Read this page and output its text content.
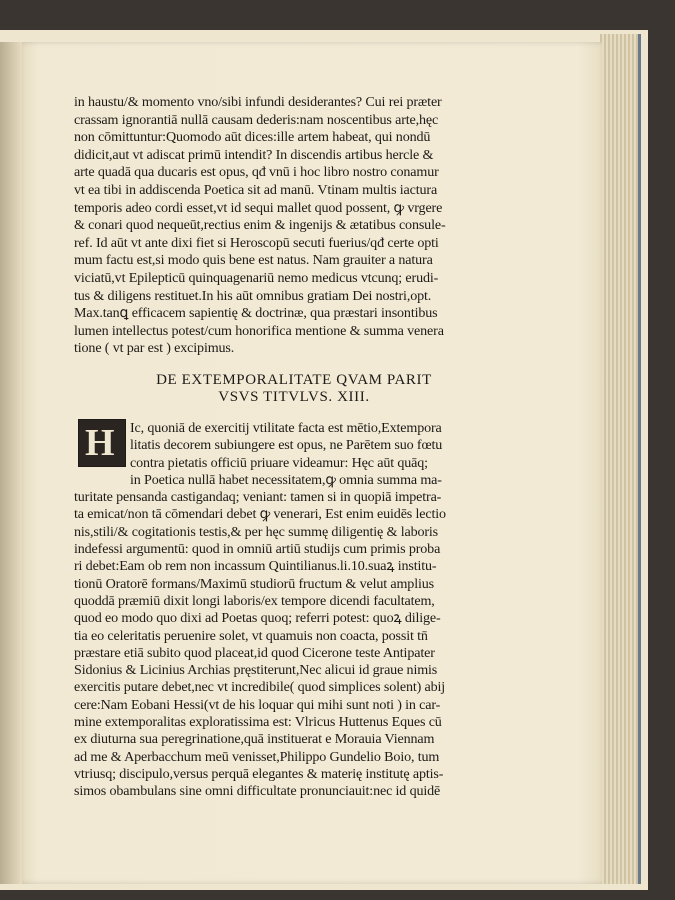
in haustu/& momento vno/sibi infundi desiderantes? Cui rei præter
crassam ignorantiā nullā causam dederis:nam noscentibus arte,hęc
non cōmittuntur:Quomodo aūt dices:ille artem habeat, qui nondū
didicit,aut vt adiscat primū intendit? In discendis artibus hercle &
arte quadā qua ducaris est opus, qđ vnū i hoc libro nostro conamur
vt ea tibi in addiscenda Poetica sit ad manū. Vtinam multis iactura
temporis adeo cordi esset,vt id sequi mallet quod possent, ꝙ vrgere
& conari quod nequeūt,rectius enim & ingenijs & ætatibus consule-
ref. Id aūt vt ante dixi fiet si Heroscopū secuti fuerius/qđ certe opti
mum factu est,si modo quis bene est natus. Nam grauiter a natura
viciatū,vt Epilepticū quinquagenariū nemo medicus vtcunq; erudi-
tus & diligens restituet.In his aūt omnibus gratiam Dei nostri,opt.
Max.tanꝗ efficacem sapientię & doctrinæ, qua præstari insontibus
lumen intellectus potest/cum honorifica mentione & summa venera
tione ( vt par est ) excipimus.
DE EXTEMPORALITATE QVAM PARIT
VSVS TITVLVS. XIII.
H	Ic, quoniā de exercitij vtilitate facta est mētio,Extempora
litatis decorem subiungere est opus, ne Parētem suo fœtu
contra pietatis officiū priuare videamur: Hęc aūt quāq;
in Poetica nullā habet necessitatem,ꝙ omnia summa ma-
turitate pensanda castigandaq; veniant: tamen si in quopiā impetra-
ta emicat/non tā cōmendari debet ꝙ venerari, Est enim euidēs lectio
nis,stili/& cogitationis testis,& per hęc summę diligentię & laboris
indefessi argumentū: quod in omniū artiū studijs cum primis proba
ri debet:Eam ob rem non incassum Quintilianus.li.10.suaꝝ institu-
tionū Oratorē formans/Maximū studiorū fructum & velut amplius
quoddā præmiū dixit longi laboris/ex tempore dicendi facultatem,
quod eo modo quo dixi ad Poetas quoq; referri potest: quoꝝ dilige-
tia eo celeritatis peruenire solet, vt quamuis non coacta, possit tn̄
præstare etiā subito quod placeat,id quod Cicerone teste Antipater
Sidonius & Licinius Archias pręstiterunt,Nec alicui id graue nimis
exercitis putare debet,nec vt incredibile( quod simplices solent) abij
cere:Nam Eobani Hessi(vt de his loquar qui mihi sunt noti ) in car-
mine extemporalitas exploratissima est: Vlricus Huttenus Eques cū
ex diuturna sua peregrinatione,quā instituerat e Morauia Viennam
ad me & Aperbacchum meū venisset,Philippo Gundelio Boio, tum
vtriusq; discipulo,versus perquā elegantes & materię institutę aptis-
simos obambulans sine omni difficultate pronunciauit:nec id quidē
